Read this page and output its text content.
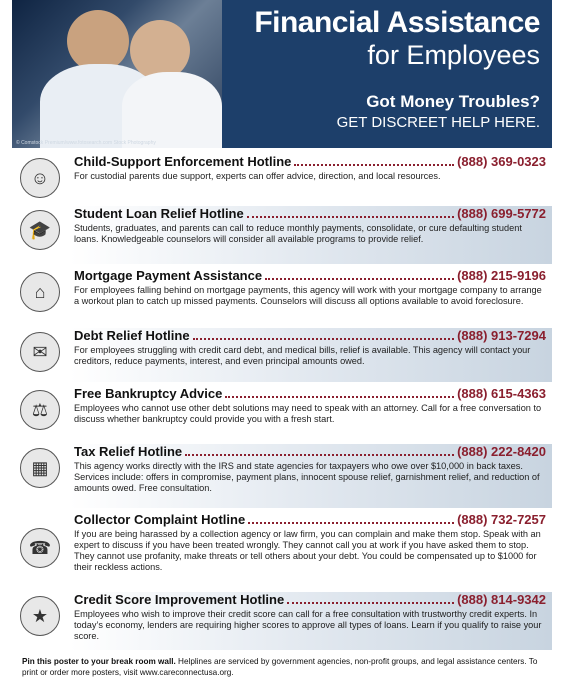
© Comstock Premium/www.fotosearch.com Stock Photography
Financial Assistance
for Employees
Got Money Troubles?
GET DISCREET HELP HERE.
☺
Child-Support Enforcement Hotline	(888) 369-0323
For custodial parents due support, experts can offer advice, direction, and local resources.
🎓
Student Loan Relief Hotline	(888) 699-5772
Students, graduates, and parents can call to reduce monthly payments, consolidate, or cure defaulting student loans. Knowledgeable counselors will consider all available programs to provide relief.
⌂
Mortgage Payment Assistance	(888) 215-9196
For employees falling behind on mortgage payments, this agency will work with your mortgage company to arrange a workout plan to catch up missed payments. Counselors will discuss all options available to avoid foreclosure.
✉
Debt Relief Hotline	(888) 913-7294
For employees struggling with credit card debt, and medical bills, relief is available. This agency will contact your creditors, reduce payments, interest, and even principal amounts owed.
⚖
Free Bankruptcy Advice	(888) 615-4363
Employees who cannot use other debt solutions may need to speak with an attorney. Call for a free conversation to discuss whether bankruptcy could provide you with a fresh start.
▦
Tax Relief Hotline	(888) 222-8420
This agency works directly with the IRS and state agencies for taxpayers who owe over $10,000 in back taxes. Services include: offers in compromise, payment plans, innocent spouse relief, garnishment relief, and reduction of amounts owed. Free consultation.
☎
Collector Complaint Hotline	(888) 732-7257
If you are being harassed by a collection agency or law firm, you can complain and make them stop. Speak with an expert to discuss if you have been treated wrongly. They cannot call you at work if you have asked them to stop. They cannot use profanity, make threats or tell others about your debt. You could be compensated up to $1000 for their reckless actions.
★
Credit Score Improvement Hotline	(888) 814-9342
Employees who wish to improve their credit score can call for a free consultation with trustworthy credit experts. In today’s economy, lenders are requiring higher scores to approve all types of loans. Learn if you qualify to raise your score.
Pin this poster to your break room wall. Helplines are serviced by government agencies, non-profit groups, and legal assistance centers. To print or order more posters, visit www.careconnectusa.org.
